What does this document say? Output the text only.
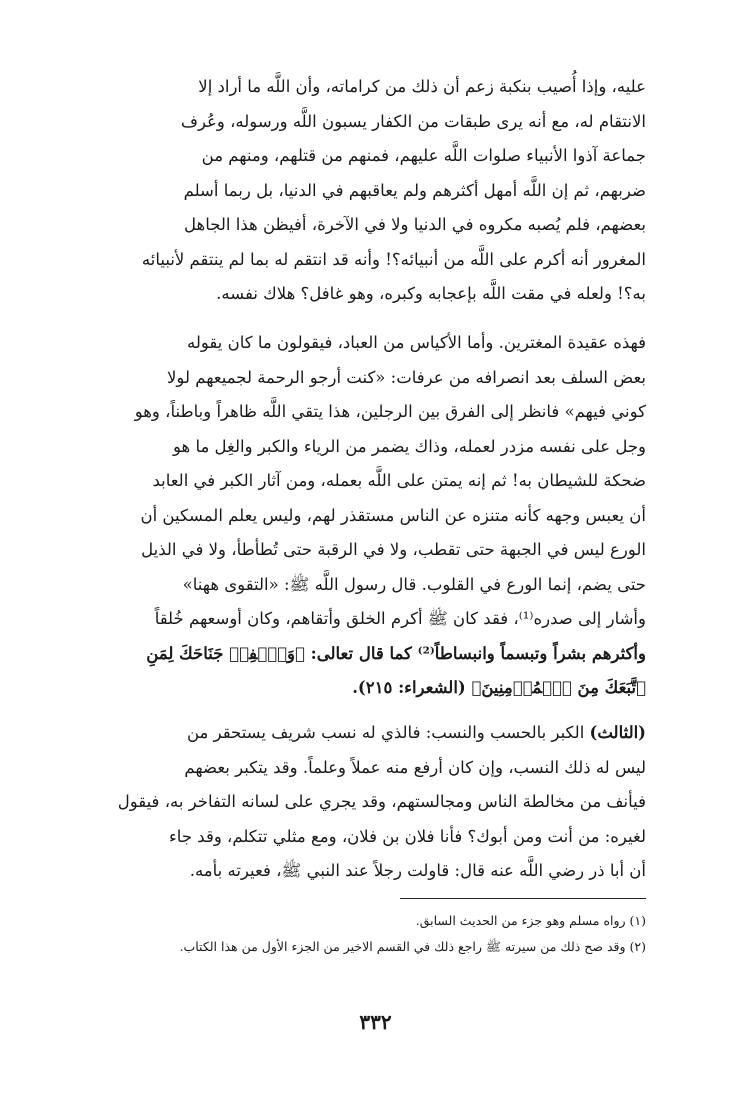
عليه، وإذا أُصيب بنكبة زعم أن ذلك من كراماته، وأن اللَّه ما أراد إلا
الانتقام له، مع أنه يرى طبقات من الكفار يسبون اللَّه ورسوله، وعُرف
جماعة آذوا الأنبياء صلوات اللَّه عليهم، فمنهم من قتلهم، ومنهم من
ضربهم، ثم إن اللَّه أمهل أكثرهم ولم يعاقبهم في الدنيا، بل ربما أسلم
بعضهم، فلم يُصبه مكروه في الدنيا ولا في الآخرة، أفيظن هذا الجاهل
المغرور أنه أكرم على اللَّه من أنبيائه؟! وأنه قد انتقم له بما لم ينتقم لأنبيائه
به؟! ولعله في مقت اللَّه بإعجابه وكبره، وهو غافل؟ هلاك نفسه.

فهذه عقيدة المغترين. وأما الأكياس من العباد، فيقولون ما كان يقوله
بعض السلف بعد انصرافه من عرفات: «كنت أرجو الرحمة لجميعهم لولا
كوني فيهم» فانظر إلى الفرق بين الرجلين، هذا يتقي اللَّه ظاهراً وباطناً، وهو
وجل على نفسه مزدر لعمله، وذاك يضمر من الرياء والكبر والغِل ما هو
ضحكة للشيطان به! ثم إنه يمتن على اللَّه بعمله، ومن آثار الكبر في العابد
أن يعبس وجهه كأنه متنزه عن الناس مستقذر لهم، وليس يعلم المسكين أن
الورع ليس في الجبهة حتى تقطب، ولا في الرقبة حتى تُطأطأ، ولا في الذيل
حتى يضم، إنما الورع في القلوب. قال رسول اللَّه ﷺ: «التقوى ههنا»
وأشار إلى صدره⁽¹⁾، فقد كان ﷺ أكرم الخلق وأتقاهم، وكان أوسعهم خُلقاً
وأكثرهم بشراً وتبسماً وانبساطاً⁽²⁾ كما قال تعالى: ﴿وَٱخۡفِضۡ جَنَاحَكَ لِمَنِ
ٱتَّبَعَكَ مِنَ ٱلۡمُؤۡمِنِينَ﴾ (الشعراء: ٢١٥).

(الثالث) الكبر بالحسب والنسب: فالذي له نسب شريف يستحقر من
ليس له ذلك النسب، وإن كان أرفع منه عملاً وعلماً. وقد يتكبر بعضهم
فيأنف من مخالطة الناس ومجالستهم، وقد يجري على لسانه التفاخر به، فيقول
لغيره: من أنت ومن أبوك؟ فأنا فلان بن فلان، ومع مثلي تتكلم، وقد جاء
أن أبا ذر رضي اللَّه عنه قال: قاولت رجلاً عند النبي ﷺ، فعيرته بأمه.

(١) رواه مسلم وهو جزء من الحديث السابق.
(٢) وقد صح ذلك من سيرته ﷺ راجع ذلك في القسم الاخير من الجزء الأول من هذا الكتاب.
٣٣٢
